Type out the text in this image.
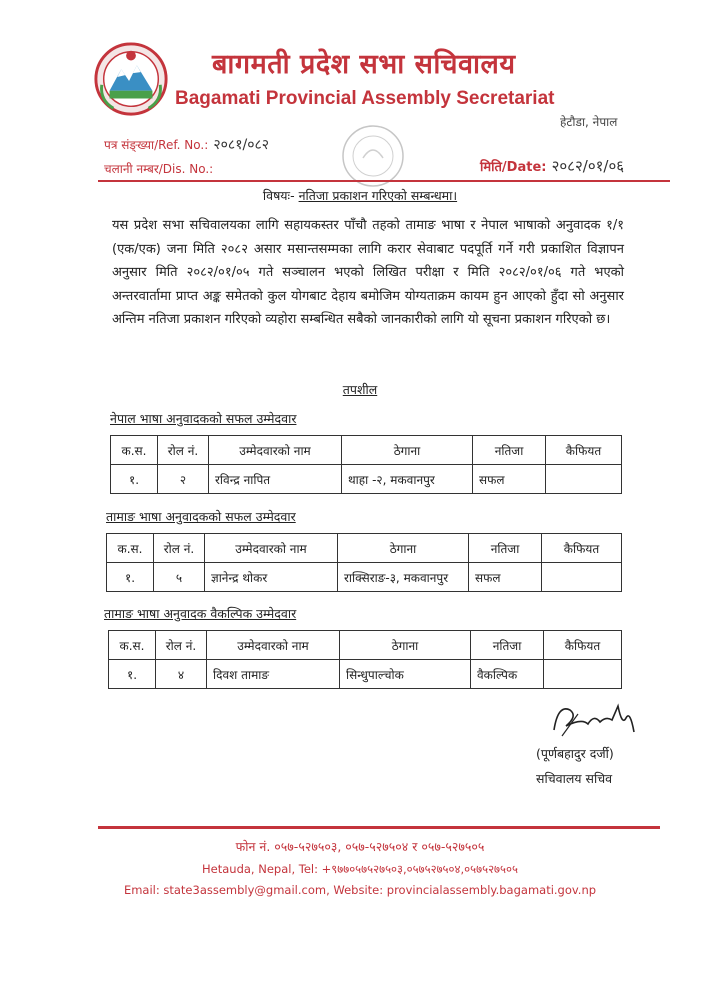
बागमती प्रदेश सभा सचिवालय
Bagamati Provincial Assembly Secretariat
हेटौडा, नेपाल
पत्र संङ्ख्या/Ref. No.: २०८१/०८२
चलानी नम्बर/Dis. No.:	मिति/Date: २०८२/०१/०६
विषयः- नतिजा प्रकाशन गरिएको सम्बन्धमा।
यस प्रदेश सभा सचिवालयका लागि सहायकस्तर पाँचौ तहको तामाङ भाषा र नेपाल भाषाको अनुवादक १/१ (एक/एक) जना मिति २०८२ असार मसान्तसम्मका लागि करार सेवाबाट पदपूर्ति गर्ने गरी प्रकाशित विज्ञापन अनुसार मिति २०८२/०१/०५ गते सञ्चालन भएको लिखित परीक्षा र मिति २०८२/०१/०६ गते भएको अन्तरवार्तामा प्राप्त अङ्क समेतको कुल योगबाट देहाय बमोजिम योग्यताक्रम कायम हुन आएको हुँदा सो अनुसार अन्तिम नतिजा प्रकाशन गरिएको व्यहोरा सम्बन्धित सबैको जानकारीको लागि यो सूचना प्रकाशन गरिएको छ।
तपशील
नेपाल भाषा अनुवादकको सफल उम्मेदवार
क.स.	रोल नं.	उम्मेदवारको नाम	ठेगाना	नतिजा	कैफियत
१.	२	रविन्द्र नापित	थाहा -२, मकवानपुर	सफल	
तामाङ भाषा अनुवादकको सफल उम्मेदवार
क.स.	रोल नं.	उम्मेदवारको नाम	ठेगाना	नतिजा	कैफियत
१.	५	ज्ञानेन्द्र थोकर	राक्सिराङ-३, मकवानपुर	सफल	
तामाङ भाषा अनुवादक वैकल्पिक उम्मेदवार
क.स.	रोल नं.	उम्मेदवारको नाम	ठेगाना	नतिजा	कैफियत
१.	४	दिवश तामाङ	सिन्धुपाल्चोक	वैकल्पिक	
(पूर्णबहादुर दर्जी)
सचिवालय सचिव
फोन नं. ०५७-५२७५०३, ०५७-५२७५०४ र ०५७-५२७५०५
Hetauda, Nepal, Tel: +९७७०५७५२७५०३,०५७५२७५०४,०५७५२७५०५
Email: state3assembly@gmail.com, Website: provincialassembly.bagamati.gov.np
